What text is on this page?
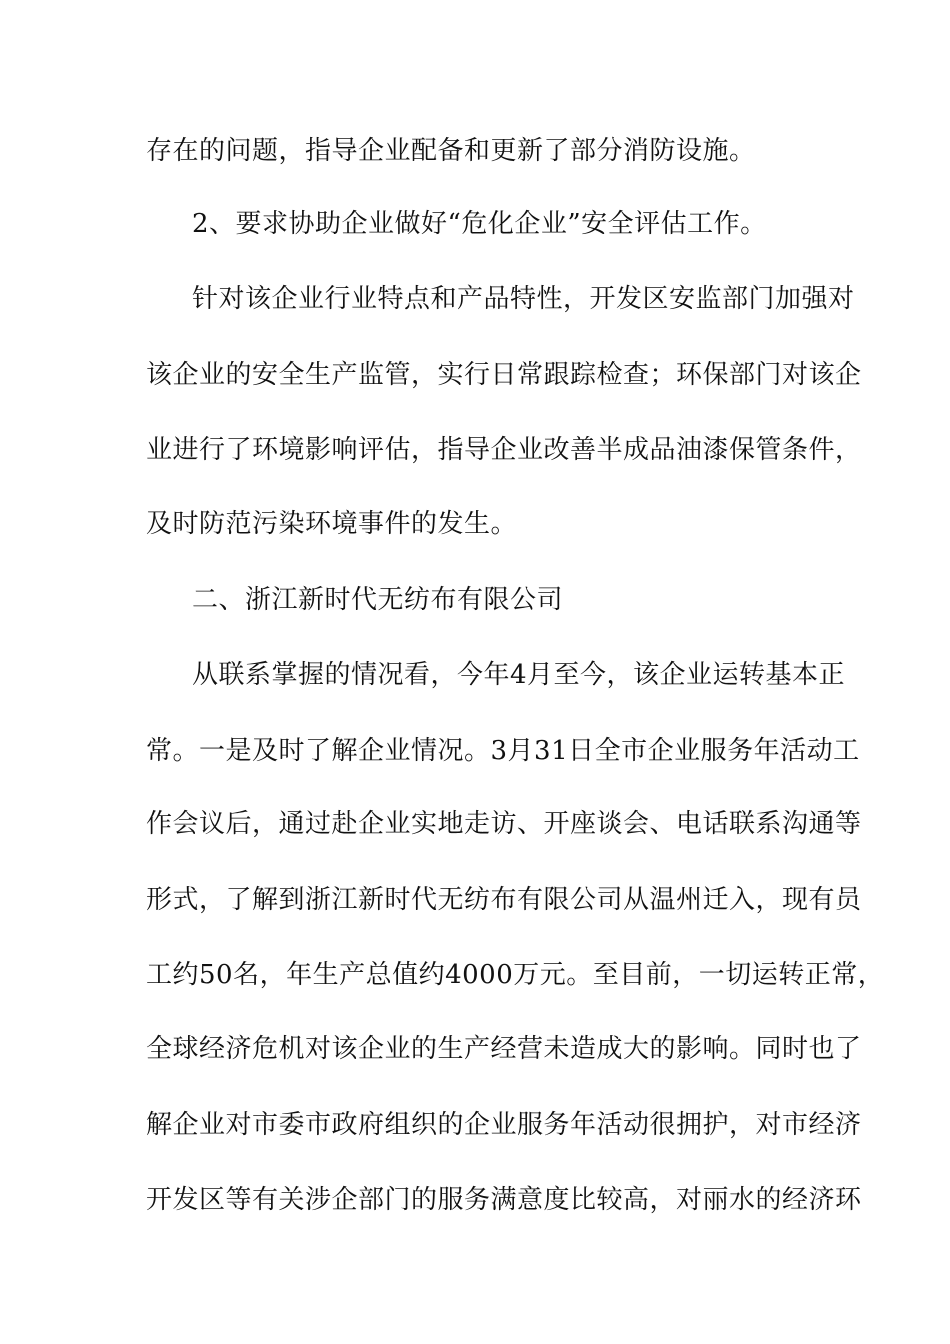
存在的问题，指导企业配备和更新了部分消防设施。
2、要求协助企业做好“危化企业”安全评估工作。
针对该企业行业特点和产品特性，开发区安监部门加强对
该企业的安全生产监管，实行日常跟踪检查；环保部门对该企
业进行了环境影响评估，指导企业改善半成品油漆保管条件，
及时防范污染环境事件的发生。
二、浙江新时代无纺布有限公司
从联系掌握的情况看，今年4月至今，该企业运转基本正
常。一是及时了解企业情况。3月31日全市企业服务年活动工
作会议后，通过赴企业实地走访、开座谈会、电话联系沟通等
形式，了解到浙江新时代无纺布有限公司从温州迁入，现有员
工约50名，年生产总值约4000万元。至目前，一切运转正常，
全球经济危机对该企业的生产经营未造成大的影响。同时也了
解企业对市委市政府组织的企业服务年活动很拥护，对市经济
开发区等有关涉企部门的服务满意度比较高，对丽水的经济环
